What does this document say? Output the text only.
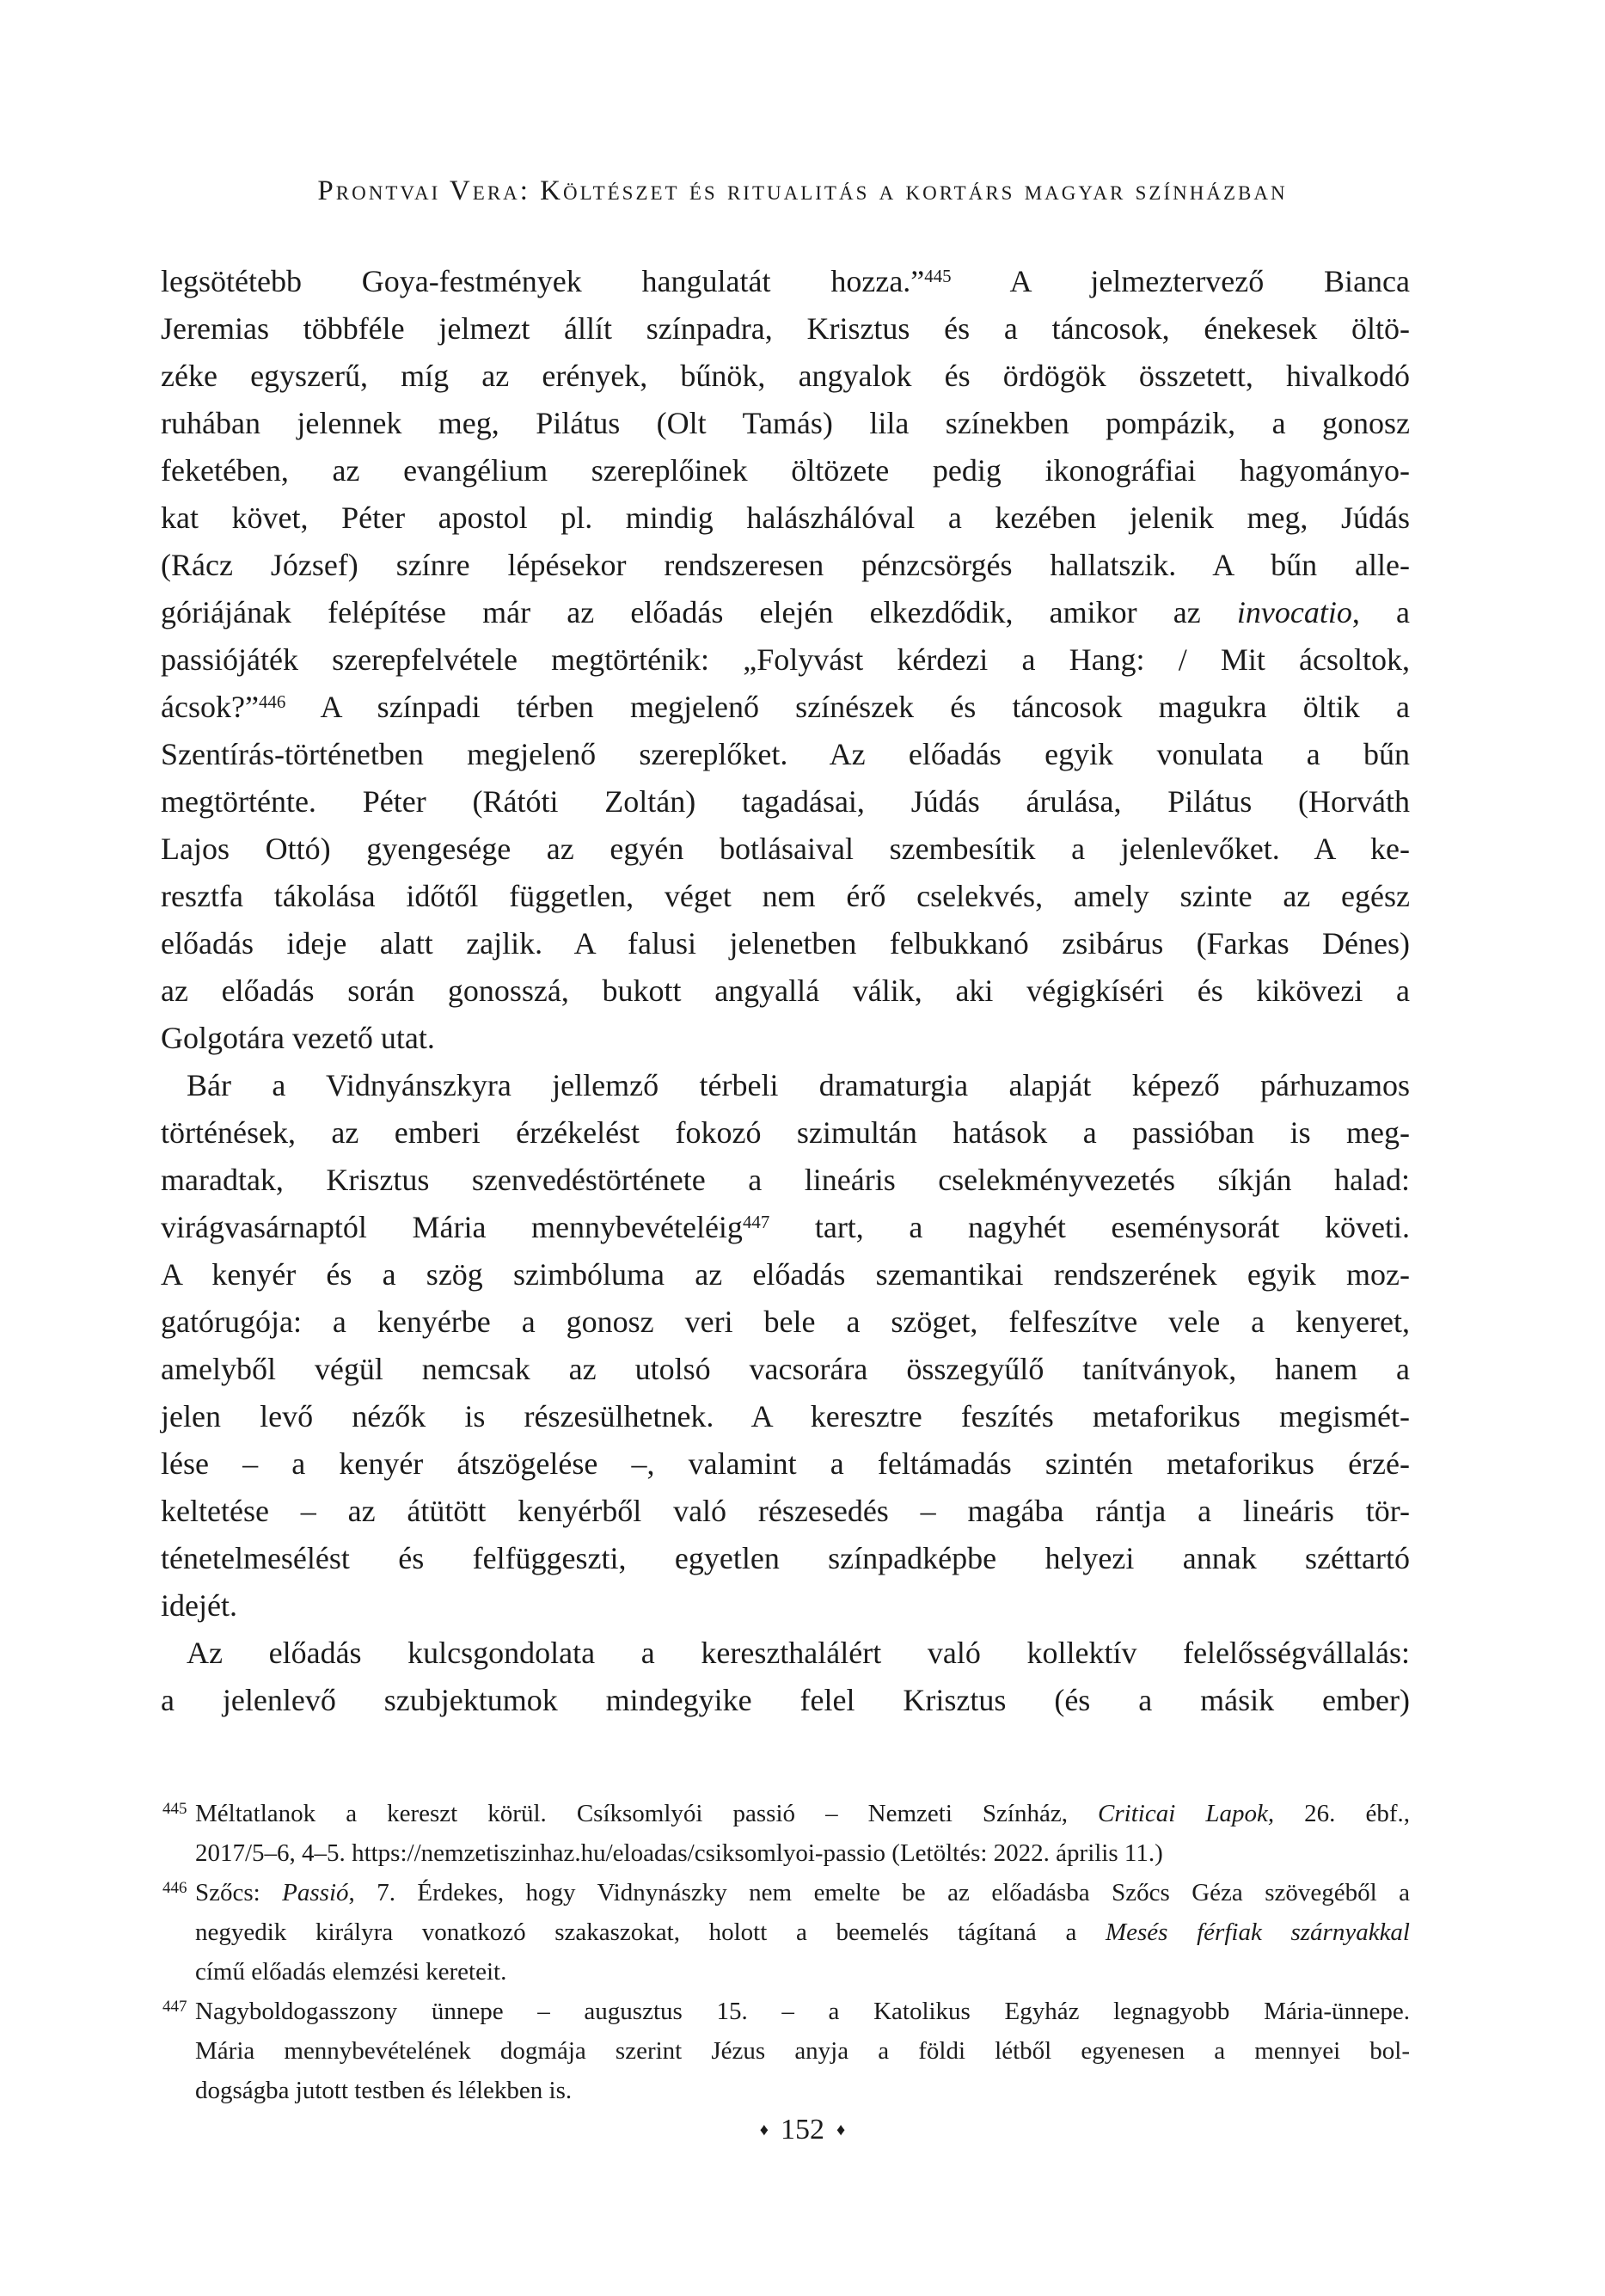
Prontvai Vera: Költészet és ritualitás a kortárs magyar színházban
legsötétebb Goya-festmények hangulatát hozza.”$^{445}$ A jelmeztervező Bianca
Jeremias többféle jelmezt állít színpadra, Krisztus és a táncosok, énekesek öltö-
zéke egyszerű, míg az erények, bűnök, angyalok és ördögök összetett, hivalkodó
ruhában jelennek meg, Pilátus (Olt Tamás) lila színekben pompázik, a gonosz
feketében, az evangélium szereplőinek öltözete pedig ikonográfiai hagyományo-
kat követ, Péter apostol pl. mindig halászhálóval a kezében jelenik meg, Júdás
(Rácz József) színre lépésekor rendszeresen pénzcsörgés hallatszik. A bűn alle-
góriájának felépítése már az előadás elején elkezdődik, amikor az invocatio, a
passiójáték szerepfelvétele megtörténik: „Folyvást kérdezi a Hang: / Mit ácsoltok,
ácsok?”$^{446}$ A színpadi térben megjelenő színészek és táncosok magukra öltik a
Szentírás-történetben megjelenő szereplőket. Az előadás egyik vonulata a bűn
megtörténte. Péter (Rátóti Zoltán) tagadásai, Júdás árulása, Pilátus (Horváth
Lajos Ottó) gyengesége az egyén botlásaival szembesítik a jelenlevőket. A ke-
resztfa tákolása időtől független, véget nem érő cselekvés, amely szinte az egész
előadás ideje alatt zajlik. A falusi jelenetben felbukkanó zsibárus (Farkas Dénes)
az előadás során gonosszá, bukott angyallá válik, aki végigkíséri és kikövezi a
Golgotára vezető utat.
Bár a Vidnyánszkyra jellemző térbeli dramaturgia alapját képező párhuzamos
történések, az emberi érzékelést fokozó szimultán hatások a passióban is meg-
maradtak, Krisztus szenvedéstörténete a lineáris cselekményvezetés síkján halad:
virágvasárnaptól Mária mennybevételéig$^{447}$ tart, a nagyhét eseménysorát követi.
A kenyér és a szög szimbóluma az előadás szemantikai rendszerének egyik moz-
gatórugója: a kenyérbe a gonosz veri bele a szöget, felfeszítve vele a kenyeret,
amelyből végül nemcsak az utolsó vacsorára összegyűlő tanítványok, hanem a
jelen levő nézők is részesülhetnek. A keresztre feszítés metaforikus megismét-
lése – a kenyér átszögelése –, valamint a feltámadás szintén metaforikus érzé-
keltetése – az átütött kenyérből való részesedés – magába rántja a lineáris tör-
ténetelmesélést és felfüggeszti, egyetlen színpadképbe helyezi annak széttartó
idejét.
Az előadás kulcsgondolata a kereszthalálért való kollektív felelősségvállalás:
a jelenlevő szubjektumok mindegyike felel Krisztus (és a másik ember)
445 Méltatlanok a kereszt körül. Csíksomlyói passió – Nemzeti Színház, Criticai Lapok, 26. ébf.,
2017/5–6, 4–5. https://nemzetiszinhaz.hu/eloadas/csiksomlyoi-passio (Letöltés: 2022. április 11.)
446 Szőcs: Passió, 7. Érdekes, hogy Vidnynászky nem emelte be az előadásba Szőcs Géza szövegéből a
negyedik királyra vonatkozó szakaszokat, holott a beemelés tágítaná a Mesés férfiak szárnyakkal
című előadás elemzési kereteit.
447 Nagyboldogasszony ünnepe – augusztus 15. – a Katolikus Egyház legnagyobb Mária-ünnepe.
Mária mennybevételének dogmája szerint Jézus anyja a földi létből egyenesen a mennyei bol-
dogságba jutott testben és lélekben is.
♦ 152 ♦
